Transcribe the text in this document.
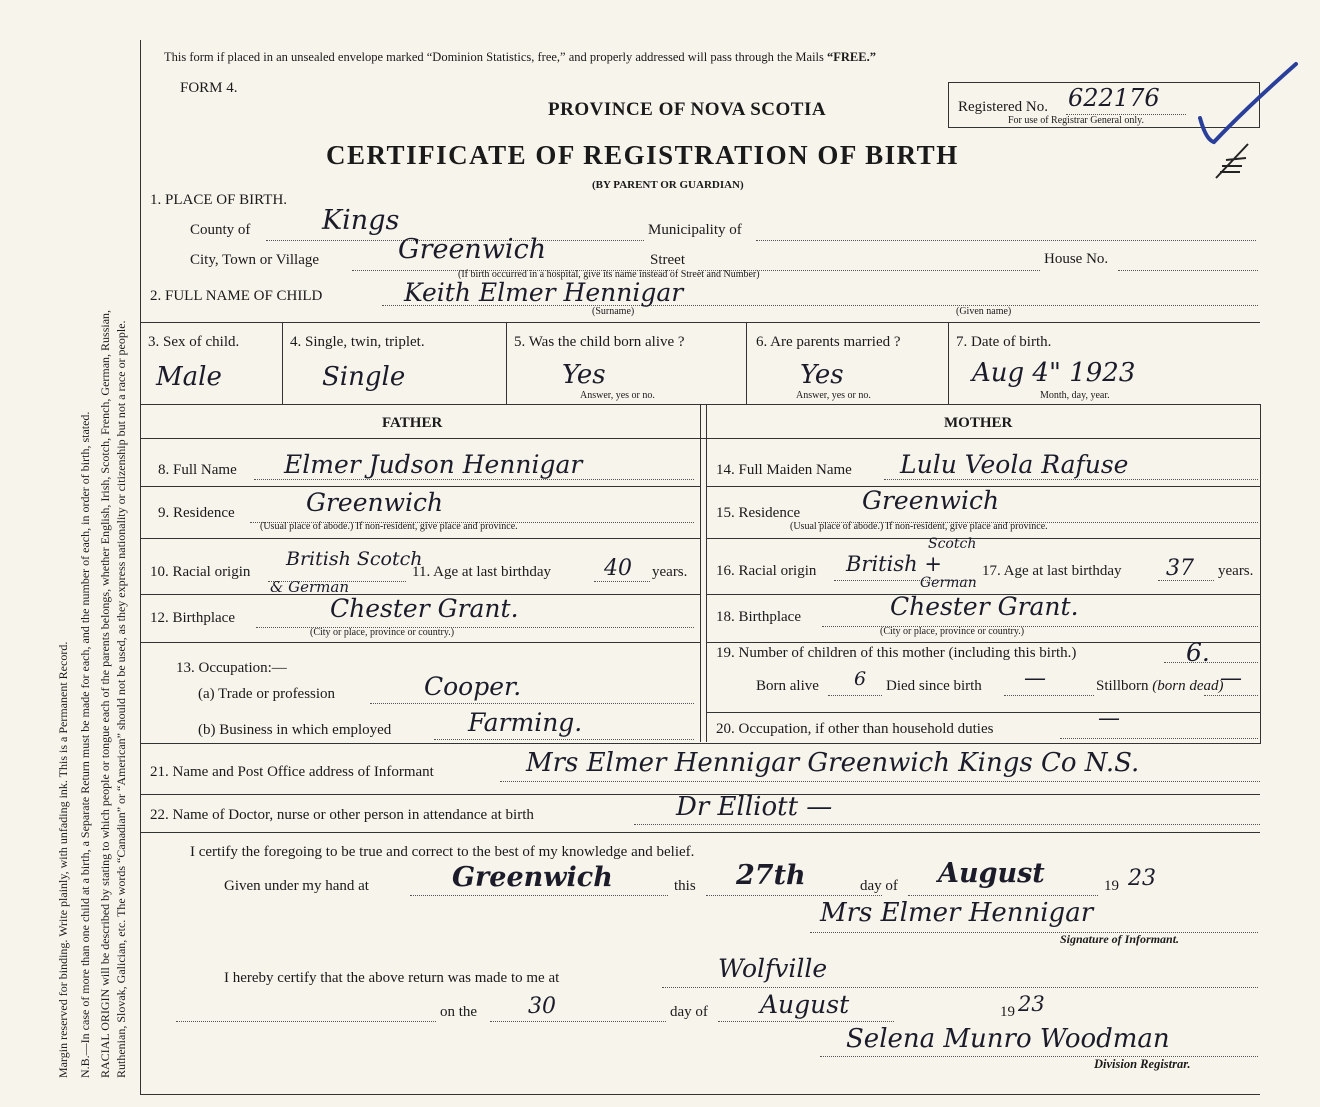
Margin reserved for binding. Write plainly, with unfading ink. This is a Permanent Record. N.B.—In case of more than one child at a birth, a Separate Return must be made for each, and the number of each, in order of birth, stated. RACIAL ORIGIN will be described by stating to which people or tongue each of the parents belongs, whether English, Irish, Scotch, French, German, Russian, Ruthenian, Slovak, Galician, etc. The words “Canadian” or “American” should not be used, as they express nationality or citizenship but not a race or people.
This form if placed in an unsealed envelope marked “Dominion Statistics, free,” and properly addressed will pass through the Mails “FREE.”
FORM 4.
PROVINCE OF NOVA SCOTIA
CERTIFICATE OF REGISTRATION OF BIRTH
(BY PARENT OR GUARDIAN)
Registered No. 622176
For use of Registrar General only.
1. PLACE OF BIRTH.
County of	Kings	Municipality of
City, Town or Village	Greenwich	Street	House No.
(If birth occurred in a hospital, give its name instead of Street and Number)
2. FULL NAME OF CHILD	Keith Elmer Hennigar
(Surname)	(Given name)
3. Sex of child.
Male
4. Single, twin, triplet.
Single
5. Was the child born alive ?
Yes
Answer, yes or no.
6. Are parents married ?
Yes
Answer, yes or no.
7. Date of birth.
Aug 4" 1923
Month, day, year.
FATHER	MOTHER
8. Full Name Elmer Judson Hennigar
9. Residence	Greenwich
(Usual place of abode.) If non-resident, give place and province.
10. Racial origin
British Scotch
& German
11. Age at last birthday 40 years.
12. Birthplace	Chester Grant.
(City or place, province or country.)
13. Occupation:—
(a) Trade or profession	Cooper.
(b) Business in which employed	Farming.
14. Full Maiden Name Lulu Veola Rafuse
15. Residence Greenwich
(Usual place of abode.) If non-resident, give place and province.
16. Racial origin
Scotch
British +
German
17. Age at last birthday 37 years.
18. Birthplace	Chester Grant.
(City or place, province or country.)
19. Number of children of this mother (including this birth.)	6.
Born alive 6 Died since birth —	Stillborn (born dead)
—
20. Occupation, if other than household duties	—
21. Name and Post Office address of Informant	Mrs Elmer Hennigar Greenwich Kings Co N.S.
22. Name of Doctor, nurse or other person in attendance at birth	Dr Elliott —
I certify the foregoing to be true and correct to the best of my knowledge and belief.
Given under my hand at	Greenwich	this 27th	day of August	19 23
Mrs Elmer Hennigar
Signature of Informant.
I hereby certify that the above return was made to me at	Wolfville
on the 30	day of August	19 23
Selena Munro Woodman
Division Registrar.
